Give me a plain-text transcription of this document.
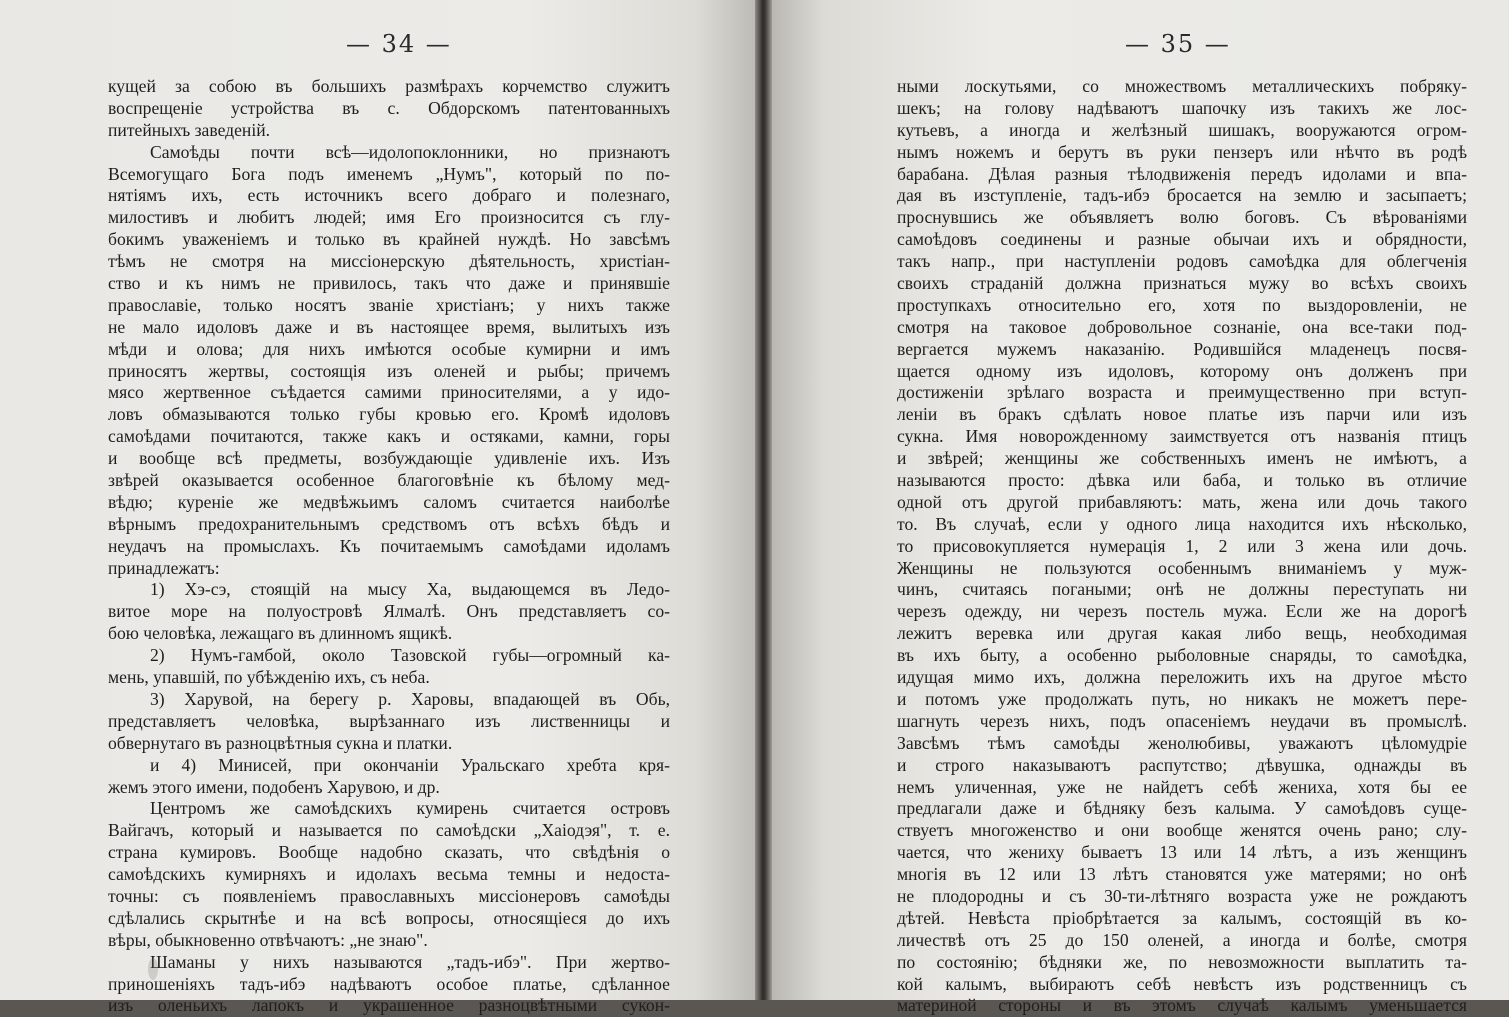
— 34 —
кущей за собою въ большихъ размѣрахъ корчемство служитъ
воспрещеніе устройства въ с. Обдорскомъ патентованныхъ
питейныхъ заведеній.
Самоѣды почти всѣ—идолопоклонники, но признаютъ
Всемогущаго Бога подъ именемъ „Нумъ", который по по-
нятіямъ ихъ, есть источникъ всего добраго и полезнаго,
милостивъ и любитъ людей; имя Его произносится съ глу-
бокимъ уваженіемъ и только въ крайней нуждѣ. Но завсѣмъ
тѣмъ не смотря на миссіонерскую дѣятельность, христіан-
ство и къ нимъ не привилось, такъ что даже и принявшіе
православіе, только носятъ званіе христіанъ; у нихъ также
не мало идоловъ даже и въ настоящее время, вылитыхъ изъ
мѣди и олова; для нихъ имѣются особые кумирни и имъ
приносятъ жертвы, состоящія изъ оленей и рыбы; причемъ
мясо жертвенное съѣдается самими приносителями, а у идо-
ловъ обмазываются только губы кровью его. Кромѣ идоловъ
самоѣдами почитаются, также какъ и остяками, камни, горы
и вообще всѣ предметы, возбуждающіе удивленіе ихъ. Изъ
звѣрей оказывается особенное благоговѣніе къ бѣлому мед-
вѣдю; куреніе же медвѣжьимъ саломъ считается наиболѣе
вѣрнымъ предохранительнымъ средствомъ отъ всѣхъ бѣдъ и
неудачъ на промыслахъ. Къ почитаемымъ самоѣдами идоламъ
принадлежатъ:
1) Хэ-сэ, стоящій на мысу Ха, выдающемся въ Ледо-
витое море на полуостровѣ Ялмалѣ. Онъ представляетъ со-
бою человѣка, лежащаго въ длинномъ ящикѣ.
2) Нумъ-гамбой, около Тазовской губы—огромный ка-
мень, упавшій, по убѣжденію ихъ, съ неба.
3) Харувой, на берегу р. Харовы, впадающей въ Обь,
представляетъ человѣка, вырѣзаннаго изъ лиственницы и
обвернутаго въ разноцвѣтныя сукна и платки.
и 4) Минисей, при окончаніи Уральскаго хребта кря-
жемъ этого имени, подобенъ Харувою, и др.
Центромъ же самоѣдскихъ кумирень считается островъ
Вайгачъ, который и называется по самоѣдски „Хаіодэя", т. е.
страна кумировъ. Вообще надобно сказать, что свѣдѣнія о
самоѣдскихъ кумирняхъ и идолахъ весьма темны и недоста-
точны: съ появленіемъ православныхъ миссіонеровъ самоѣды
сдѣлались скрытнѣе и на всѣ вопросы, относящіеся до ихъ
вѣры, обыкновенно отвѣчаютъ: „не знаю".
Шаманы у нихъ называются „тадъ-ибэ". При жертво-
приношеніяхъ тадъ-ибэ надѣваютъ особое платье, сдѣланное
изъ оленьихъ лапокъ и украшенное разноцвѣтными сукон-
— 35 —
ными лоскутьями, со множествомъ металлическихъ побряку-
шекъ; на голову надѣваютъ шапочку изъ такихъ же лос-
кутьевъ, а иногда и желѣзный шишакъ, вооружаются огром-
нымъ ножемъ и берутъ въ руки пензеръ или нѣчто въ родѣ
барабана. Дѣлая разныя тѣлодвиженія передъ идолами и впа-
дая въ изступленіе, тадъ-ибэ бросается на землю и засыпаетъ;
проснувшись же объявляетъ волю боговъ. Съ вѣрованіями
самоѣдовъ соединены и разные обычаи ихъ и обрядности,
такъ напр., при наступленіи родовъ самоѣдка для облегченія
своихъ страданій должна признаться мужу во всѣхъ своихъ
проступкахъ относительно его, хотя по выздоровленіи, не
смотря на таковое добровольное сознаніе, она все-таки под-
вергается мужемъ наказанію. Родившійся младенецъ посвя-
щается одному изъ идоловъ, которому онъ долженъ при
достиженіи зрѣлаго возраста и преимущественно при вступ-
леніи въ бракъ сдѣлать новое платье изъ парчи или изъ
сукна. Имя новорожденному заимствуется отъ названія птицъ
и звѣрей; женщины же собственныхъ именъ не имѣютъ, а
называются просто: дѣвка или баба, и только въ отличие
одной отъ другой прибавляютъ: мать, жена или дочь такого
то. Въ случаѣ, если у одного лица находится ихъ нѣсколько,
то присовокупляется нумерація 1, 2 или 3 жена или дочь.
Женщины не пользуются особеннымъ вниманіемъ у муж-
чинъ, считаясь погаными; онѣ не должны переступать ни
черезъ одежду, ни черезъ постель мужа. Если же на дорогѣ
лежитъ веревка или другая какая либо вещь, необходимая
въ ихъ быту, а особенно рыболовные снаряды, то самоѣдка,
идущая мимо ихъ, должна переложить ихъ на другое мѣсто
и потомъ уже продолжать путь, но никакъ не можетъ пере-
шагнуть черезъ нихъ, подъ опасеніемъ неудачи въ промыслѣ.
Завсѣмъ тѣмъ самоѣды женолюбивы, уважаютъ цѣломудріе
и строго наказываютъ распутство; дѣвушка, однажды въ
немъ уличенная, уже не найдетъ себѣ жениха, хотя бы ее
предлагали даже и бѣдняку безъ калыма. У самоѣдовъ суще-
ствуетъ многоженство и они вообще женятся очень рано; слу-
чается, что жениху бываетъ 13 или 14 лѣтъ, а изъ женщинъ
многія въ 12 или 13 лѣтъ становятся уже матерями; но онѣ
не плодородны и съ 30-ти-лѣтняго возраста уже не рождаютъ
дѣтей. Невѣста пріобрѣтается за калымъ, состоящій въ ко-
личествѣ отъ 25 до 150 оленей, а иногда и болѣе, смотря
по состоянію; бѣдняки же, по невозможности выплатить та-
кой калымъ, выбираютъ себѣ невѣстъ изъ родственницъ съ
материной стороны и въ этомъ случаѣ калымъ уменьшается
